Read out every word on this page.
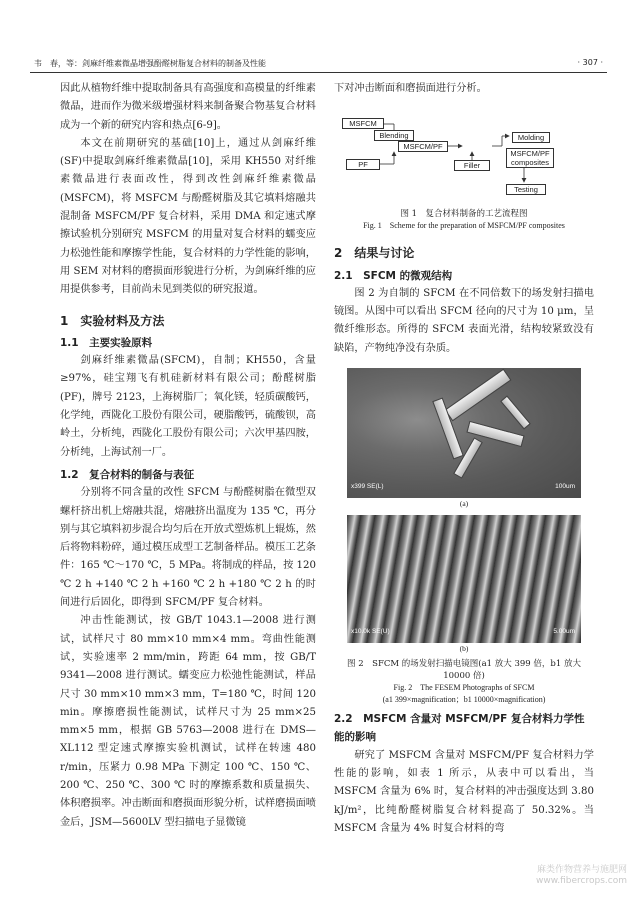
韦　春，等：剑麻纤维素微晶增强酚醛树脂复合材料的制备及性能	· 307 ·

因此从植物纤维中提取制备具有高强度和高模量的纤维素微晶，进而作为微米级增强材料来制备聚合物基复合材料成为一个新的研究内容和热点[6-9]。

本文在前期研究的基础[10]上，通过从剑麻纤维(SF)中提取剑麻纤维素微晶[10]，采用 KH550 对纤维素微晶进行表面改性，得到改性剑麻纤维素微晶(MSFCM)，将 MSFCM 与酚醛树脂及其它填料熔融共混制备 MSFCM/PF 复合材料，采用 DMA 和定速式摩擦试验机分别研究 MSFCM 的用量对复合材料的蠕变应力松弛性能和摩擦学性能，复合材料的力学性能的影响，用 SEM 对材料的磨损面形貌进行分析，为剑麻纤维的应用提供参考，目前尚未见到类似的研究报道。

1　实验材料及方法
1.1　主要实验原料

剑麻纤维素微晶(SFCM)，自制；KH550，含量≥97%，硅宝翔飞有机硅新材料有限公司；酚醛树脂(PF)，牌号 2123，上海树脂厂；氧化镁，轻质碳酸钙，化学纯，西陇化工股份有限公司，硬脂酸钙，硫酸钡，高岭土，分析纯，西陇化工股份有限公司；六次甲基四胺，分析纯，上海试剂一厂。

1.2　复合材料的制备与表征

分别将不同含量的改性 SFCM 与酚醛树脂在微型双螺杆挤出机上熔融共混，熔融挤出温度为 135 ℃，再分别与其它填料初步混合均匀后在开放式塑炼机上辊炼，然后将物料粉碎，通过模压成型工艺制备样品。模压工艺条件：165 ℃～170 ℃，5 MPa。将制成的样品，按 120 ℃ 2 h +140 ℃ 2 h +160 ℃ 2 h +180 ℃ 2 h 的时间进行后固化，即得到 SFCM/PF 复合材料。

冲击性能测试，按 GB/T 1043.1—2008 进行测试，试样尺寸 80 mm×10 mm×4 mm。弯曲性能测试，实验速率 2 mm/min，跨距 64 mm，按 GB/T 9341—2008 进行测试。蠕变应力松弛性能测试，样品尺寸 30 mm×10 mm×3 mm，T=180 ℃，时间 120 min。摩擦磨损性能测试，试样尺寸为 25 mm×25 mm×5 mm，根据 GB 5763—2008 进行在 DMS—XL112 型定速式摩擦实验机测试，试样在转速 480 r/min，压紧力 0.98 MPa 下测定 100 ℃、150 ℃、200 ℃、250 ℃、300 ℃ 时的摩擦系数和质量损失、体积磨损率。冲击断面和磨损面形貌分析，试样磨损面喷金后，JSM—5600LV 型扫描电子显微镜

下对冲击断面和磨损面进行分析。

MSFCM
Blending
MSFCM/PF
PF	Filler
Molding
MSFCM/PF composites
Testing
图 1　复合材料制备的工艺流程图
Fig. 1　Scheme for the preparation of MSFCM/PF composites
2　结果与讨论
2.1　SFCM 的微观结构

图 2 为自制的 SFCM 在不同倍数下的场发射扫描电镜图。从图中可以看出 SFCM 径向的尺寸为 10 μm，呈微纤维形态。所得的 SFCM 表面光滑，结构较紧致没有缺陷，产物纯净没有杂质。

x399 SE(L)	100um
(a)
x10.0k SE(U)	5.00um
(b)
图 2　SFCM 的场发射扫描电镜图(a1 放大 399 倍，b1 放大 10000 倍)
Fig. 2　The FESEM Photographs of SFCM
(a1 399×magnification；b1 10000×magnification)
2.2　MSFCM 含量对 MSFCM/PF 复合材料力学性能的影响

研究了 MSFCM 含量对 MSFCM/PF 复合材料力学性能的影响，如表 1 所示，从表中可以看出，当 MSFCM 含量为 6% 时，复合材料的冲击强度达到 3.80 kJ/m²，比纯酚醛树脂复合材料提高了 50.32%。当 MSFCM 含量为 4% 时复合材料的弯

麻类作物营养与施肥网
www.fibercrops.com
